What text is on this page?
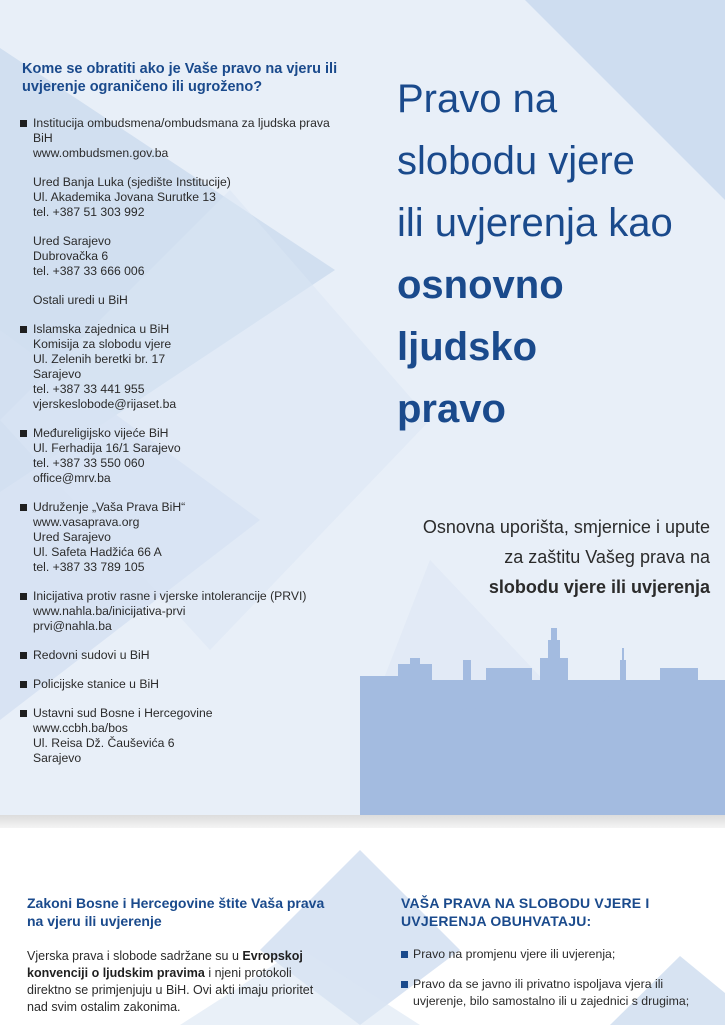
Kome se obratiti ako je Vaše pravo na vjeru ili uvjerenje ograničeno ili ugroženo?

Institucija ombudsmena/ombudsmana za ljudska prava BiH
www.ombudsmen.gov.ba
Ured Banja Luka (sjedište Institucije)
Ul. Akademika Jovana Surutke 13
tel. +387 51 303 992
Ured Sarajevo
Dubrovačka 6
tel. +387 33 666 006
Ostali uredi u BiH
Islamska zajednica u BiH
Komisija za slobodu vjere
Ul. Zelenih beretki br. 17
Sarajevo
tel. +387 33 441 955
vjerskeslobode@rijaset.ba
Međureligijsko vijeće BiH
Ul. Ferhadija 16/1 Sarajevo
tel. +387 33 550 060
office@mrv.ba
Udruženje „Vaša Prava BiH“
www.vasaprava.org
Ured Sarajevo
Ul. Safeta Hadžića 66 A
tel. +387 33 789 105
Inicijativa protiv rasne i vjerske intolerancije (PRVI)
www.nahla.ba/inicijativa-prvi
prvi@nahla.ba
Redovni sudovi u BiH
Policijske stanice u BiH
Ustavni sud Bosne i Hercegovine
www.ccbh.ba/bos
Ul. Reisa Dž. Čauševića 6
Sarajevo
Pravo na
slobodu vjere
ili uvjerenja kao
osnovno
ljudsko
pravo
Osnovna uporišta, smjernice i upute
za zaštitu Vašeg prava na
slobodu vjere ili uvjerenja

Zakoni Bosne i Hercegovine štite Vaša prava na vjeru ili uvjerenje

Vjerska prava i slobode sadržane su u Evropskoj konvenciji o ljudskim pravima i njeni protokoli direktno se primjenjuju u BiH. Ovi akti imaju prioritet nad svim ostalim zakonima.

VAŠA PRAVA NA SLOBODU VJERE I UVJERENJA OBUHVATAJU:

Pravo na promjenu vjere ili uvjerenja;
Pravo da se javno ili privatno ispoljava vjera ili uvjerenje, bilo samostalno ili u zajednici s drugima;
